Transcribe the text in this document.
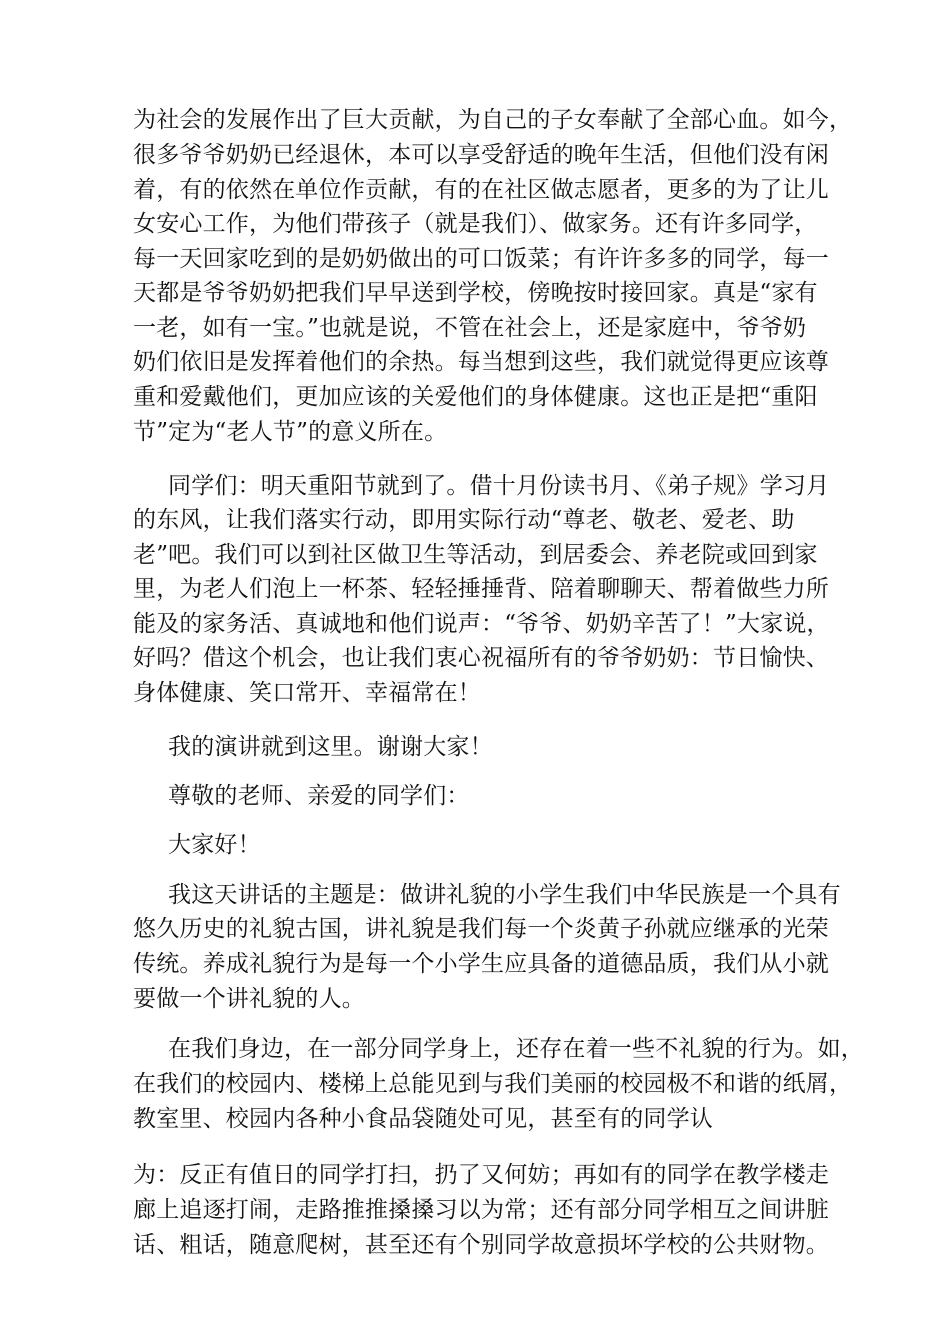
为社会的发展作出了巨大贡献，为自己的子女奉献了全部心血。如今，
很多爷爷奶奶已经退休，本可以享受舒适的晚年生活，但他们没有闲
着，有的依然在单位作贡献，有的在社区做志愿者，更多的为了让儿
女安心工作，为他们带孩子（就是我们）、做家务。还有许多同学，
每一天回家吃到的是奶奶做出的可口饭菜；有许许多多的同学，每一
天都是爷爷奶奶把我们早早送到学校，傍晚按时接回家。真是“家有
一老，如有一宝。”也就是说，不管在社会上，还是家庭中，爷爷奶
奶们依旧是发挥着他们的余热。每当想到这些，我们就觉得更应该尊
重和爱戴他们，更加应该的关爱他们的身体健康。这也正是把“重阳
节”定为“老人节”的意义所在。
同学们：明天重阳节就到了。借十月份读书月、《弟子规》学习月
的东风，让我们落实行动，即用实际行动“尊老、敬老、爱老、助
老”吧。我们可以到社区做卫生等活动，到居委会、养老院或回到家
里，为老人们泡上一杯茶、轻轻捶捶背、陪着聊聊天、帮着做些力所
能及的家务活、真诚地和他们说声：“爷爷、奶奶辛苦了！”大家说，
好吗？借这个机会，也让我们衷心祝福所有的爷爷奶奶：节日愉快、
身体健康、笑口常开、幸福常在！
我的演讲就到这里。谢谢大家！
尊敬的老师、亲爱的同学们：
大家好！
我这天讲话的主题是：做讲礼貌的小学生我们中华民族是一个具有
悠久历史的礼貌古国，讲礼貌是我们每一个炎黄子孙就应继承的光荣
传统。养成礼貌行为是每一个小学生应具备的道德品质，我们从小就
要做一个讲礼貌的人。
在我们身边，在一部分同学身上，还存在着一些不礼貌的行为。如，
在我们的校园内、楼梯上总能见到与我们美丽的校园极不和谐的纸屑，
教室里、校园内各种小食品袋随处可见，甚至有的同学认
为：反正有值日的同学打扫，扔了又何妨；再如有的同学在教学楼走
廊上追逐打闹，走路推推搡搡习以为常；还有部分同学相互之间讲脏
话、粗话，随意爬树，甚至还有个别同学故意损坏学校的公共财物。
